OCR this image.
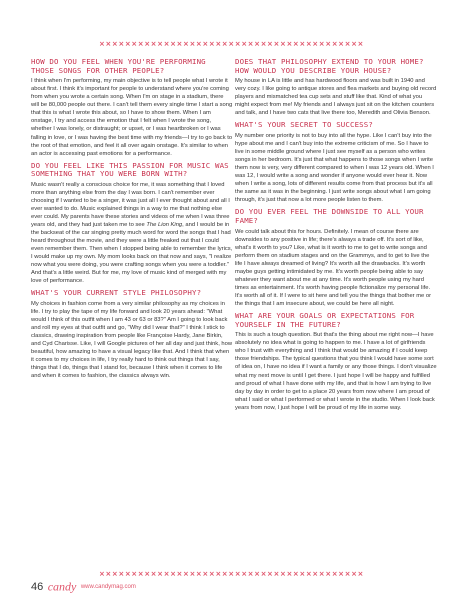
×××××××××××××××××××××××××××××××××××××××××
HOW DO YOU FEEL WHEN YOU'RE PERFORMING THOSE SONGS FOR OTHER PEOPLE?

I think when I'm performing, my main objective is to tell people what I wrote it about first. I think it's important for people to understand where you're coming from when you wrote a certain song. When I'm on stage in a stadium, there will be 80,000 people out there. I can't tell them every single time I start a song that this is what I wrote this about, so I have to show them. When I am onstage, I try and access the emotion that I felt when I wrote the song, whether I was lonely, or distraught; or upset, or I was heartbroken or I was falling in love, or I was having the best time with my friends—I try to go back to the root of that emotion, and feel it all over again onstage. It's similar to when an actor is accessing past emotions for a performance.

DO YOU FEEL LIKE THIS PASSION FOR MUSIC WAS SOMETHING THAT YOU WERE BORN WITH?

Music wasn't really a conscious choice for me, it was something that I loved more than anything else from the day I was born. I can't remember ever choosing if I wanted to be a singer, it was just all I ever thought about and all I ever wanted to do. Music explained things in a way to me that nothing else ever could. My parents have these stories and videos of me when I was three years old, and they had just taken me to see The Lion King, and I would be in the backseat of the car singing pretty much word for word the songs that I had heard throughout the movie, and they were a little freaked out that I could even remember them. Then when I stopped being able to remember the lyrics, I would make up my own. My mom looks back on that now and says, "I realize now what you were doing, you were crafting songs when you were a toddler." And that's a little weird. But for me, my love of music kind of merged with my love of performance.

WHAT'S YOUR CURRENT STYLE PHILOSOPHY?

My choices in fashion come from a very similar philosophy as my choices in life. I try to play the tape of my life forward and look 20 years ahead: "What would I think of this outfit when I am 43 or 63 or 83?" Am I going to look back and roll my eyes at that outfit and go, "Why did I wear that?" I think I stick to classics, drawing inspiration from people like Françoise Hardy, Jane Birkin, and Cyd Charisse. Like, I will Google pictures of her all day and just think, how beautiful, how amazing to have a visual legacy like that. And I think that when it comes to my choices in life, I try really hard to think out things that I say, things that I do, things that I stand for, because I think when it comes to life and when it comes to fashion, the classics always win.

DOES THAT PHILOSOPHY EXTEND TO YOUR HOME? HOW WOULD YOU DESCRIBE YOUR HOUSE?

My house in LA is little and has hardwood floors and was built in 1940 and very cozy. I like going to antique stores and flea markets and buying old record players and mismatched tea cup sets and stuff like that. Kind of what you might expect from me! My friends and I always just sit on the kitchen counters and talk, and I have two cats that live there too, Meredith and Olivia Benson.

WHAT'S YOUR SECRET TO SUCCESS?

My number one priority is not to buy into all the hype. Like I can't buy into the hype about me and I can't buy into the extreme criticism of me. So I have to live in some middle ground where I just see myself as a person who writes songs in her bedroom. It's just that what happens to those songs when I write them now is very, very different compared to when I was 12 years old. When I was 12, I would write a song and wonder if anyone would ever hear it. Now when I write a song, lots of different results come from that process but it's all the same as it was in the beginning. I just write songs about what I am going through, it's just that now a lot more people listen to them.

DO YOU EVER FEEL THE DOWNSIDE TO ALL YOUR FAME?

We could talk about this for hours. Definitely. I mean of course there are downsides to any positive in life; there's always a trade off. It's sort of like, what's it worth to you? Like, what is it worth to me to get to write songs and perform them on stadium stages and on the Grammys, and to get to live the life I have always dreamed of living? It's worth all the drawbacks. It's worth maybe guys getting intimidated by me. It's worth people being able to say whatever they want about me at any time. It's worth people using my hard times as entertainment. It's worth having people fictionalize my personal life. It's worth all of it. If I were to sit here and tell you the things that bother me or the things that I am insecure about, we could be here all night.

WHAT ARE YOUR GOALS OR EXPECTATIONS FOR YOURSELF IN THE FUTURE?

This is such a tough question. But that's the thing about me right now—I have absolutely no idea what is going to happen to me. I have a lot of girlfriends who I trust with everything and I think that would be amazing if I could keep those friendships. The typical questions that you think I would have some sort of idea on, I have no idea if I want a family or any those things. I don't visualize what my next move is until I get there. I just hope I will be happy and fulfilled and proud of what I have done with my life, and that is how I am trying to live day by day in order to get to a place 20 years from now where I am proud of what I said or what I performed or what I wrote in the studio. When I look back years from now, I just hope I will be proud of my life in some way.

×××××××××××××××××××××××××××××××××××××××××
46 candy www.candymag.com
